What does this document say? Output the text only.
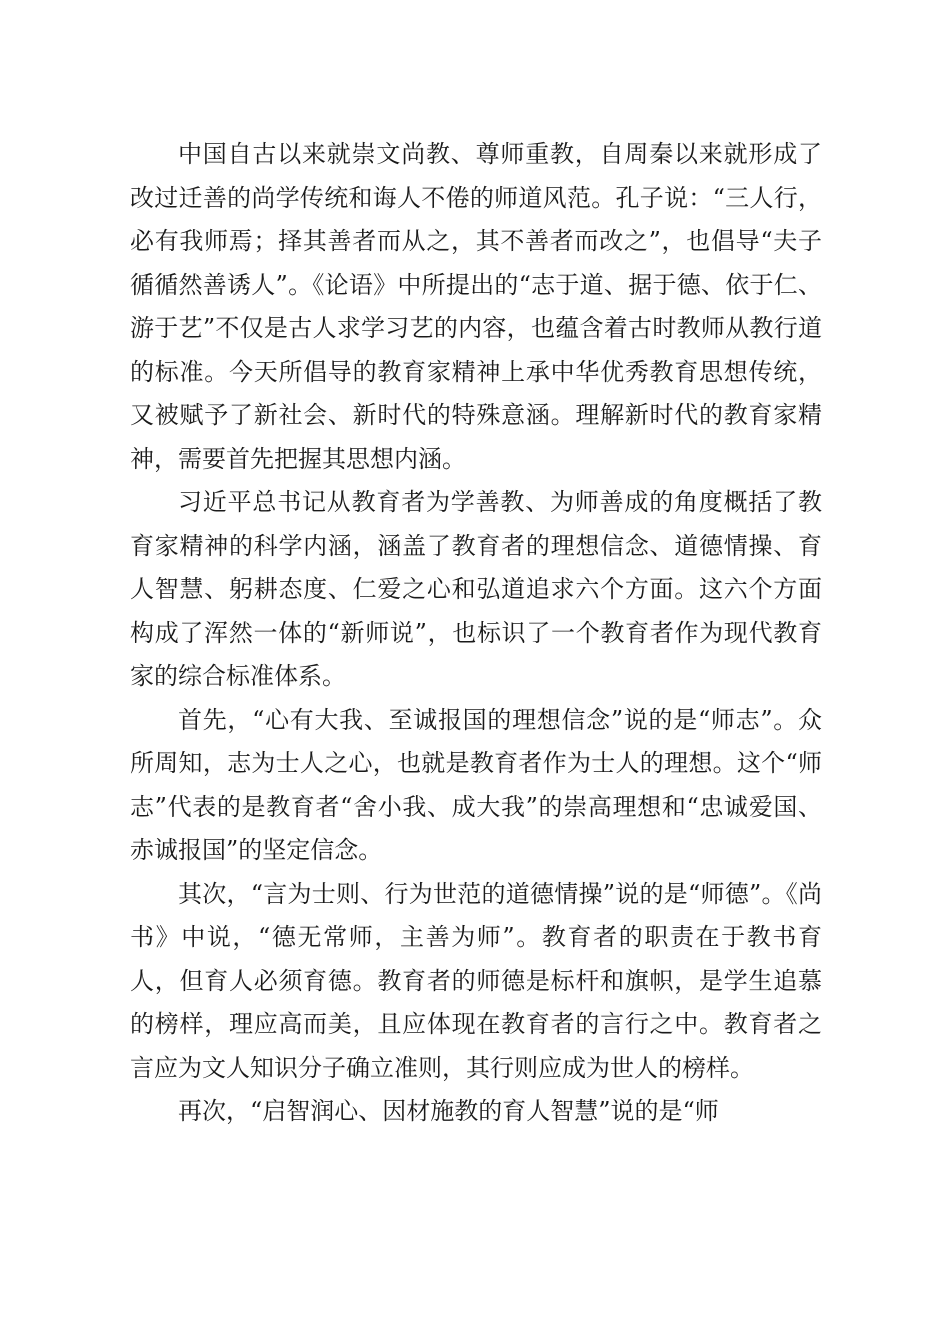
中国自古以来就崇文尚教、尊师重教，自周秦以来就形成了改过迁善的尚学传统和诲人不倦的师道风范。孔子说：“三人行，必有我师焉；择其善者而从之，其不善者而改之”，也倡导“夫子循循然善诱人”。《论语》中所提出的“志于道、据于德、依于仁、游于艺”不仅是古人求学习艺的内容，也蕴含着古时教师从教行道的标准。今天所倡导的教育家精神上承中华优秀教育思想传统，又被赋予了新社会、新时代的特殊意涵。理解新时代的教育家精神，需要首先把握其思想内涵。

习近平总书记从教育者为学善教、为师善成的角度概括了教育家精神的科学内涵，涵盖了教育者的理想信念、道德情操、育人智慧、躬耕态度、仁爱之心和弘道追求六个方面。这六个方面构成了浑然一体的“新师说”，也标识了一个教育者作为现代教育家的综合标准体系。

首先，“心有大我、至诚报国的理想信念”说的是“师志”。众所周知，志为士人之心，也就是教育者作为士人的理想。这个“师志”代表的是教育者“舍小我、成大我”的崇高理想和“忠诚爱国、赤诚报国”的坚定信念。

其次，“言为士则、行为世范的道德情操”说的是“师德”。《尚书》中说，“德无常师，主善为师”。教育者的职责在于教书育人，但育人必须育德。教育者的师德是标杆和旗帜，是学生追慕的榜样，理应高而美，且应体现在教育者的言行之中。教育者之言应为文人知识分子确立准则，其行则应成为世人的榜样。

再次，“启智润心、因材施教的育人智慧”说的是“师
